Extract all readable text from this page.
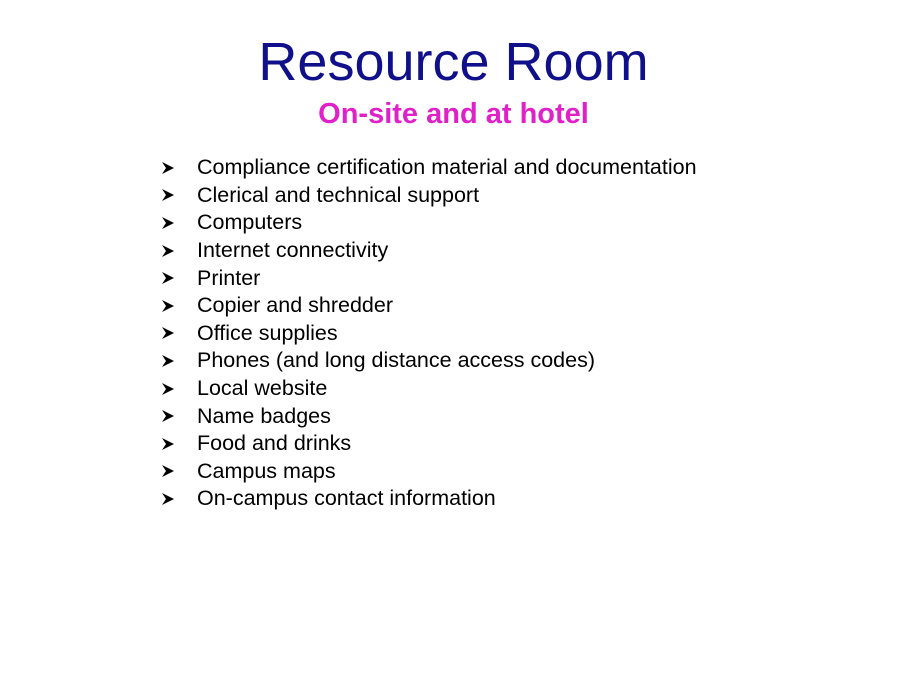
Resource Room
On-site and at hotel
Compliance certification material and documentation
Clerical and technical support
Computers
Internet connectivity
Printer
Copier and shredder
Office supplies
Phones (and long distance access codes)
Local website
Name badges
Food and drinks
Campus maps
On-campus contact information
